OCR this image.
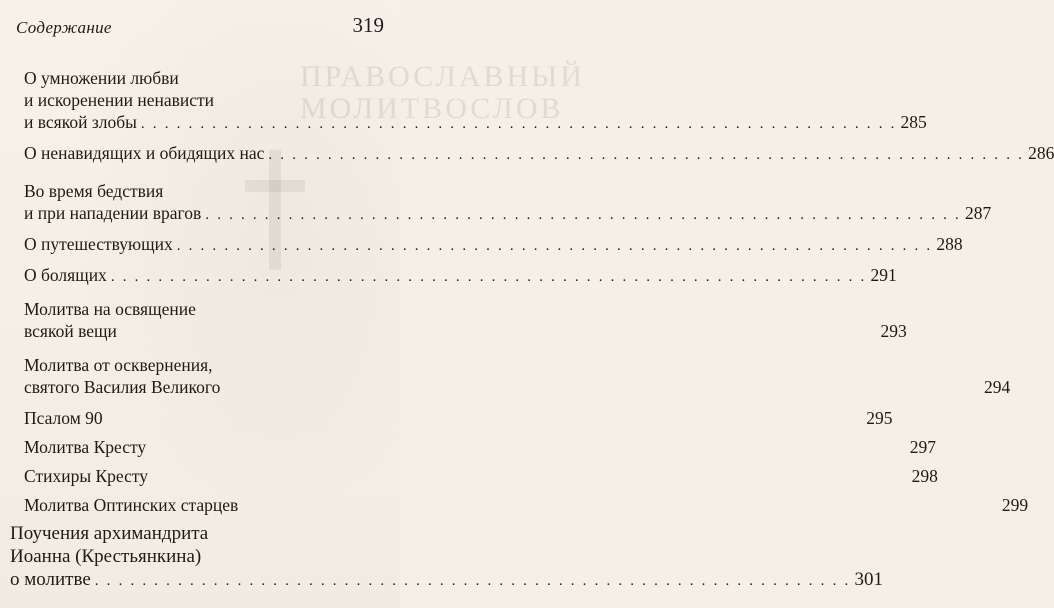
ПРАВОСЛАВНЫЙ
МОЛИТВОСЛОВ
Содержание	319
О умножении любви
и искоренении ненависти
и всякой злобы . . .	285
О ненавидящих и обидящих нас . . .	286
Во время бедствия
и при нападении врагов . . .	287
О путешествующих . . .	288
О болящих . . .	291
Молитва на освящение
всякой вещи	293
Молитва от осквернения,
святого Василия Великого	294
Псалом 90	295
Молитва Кресту	297
Стихиры Кресту	298
Молитва Оптинских старцев	299
Поучения архимандрита
Иоанна (Крестьянкина)
о молитве . . .	301
